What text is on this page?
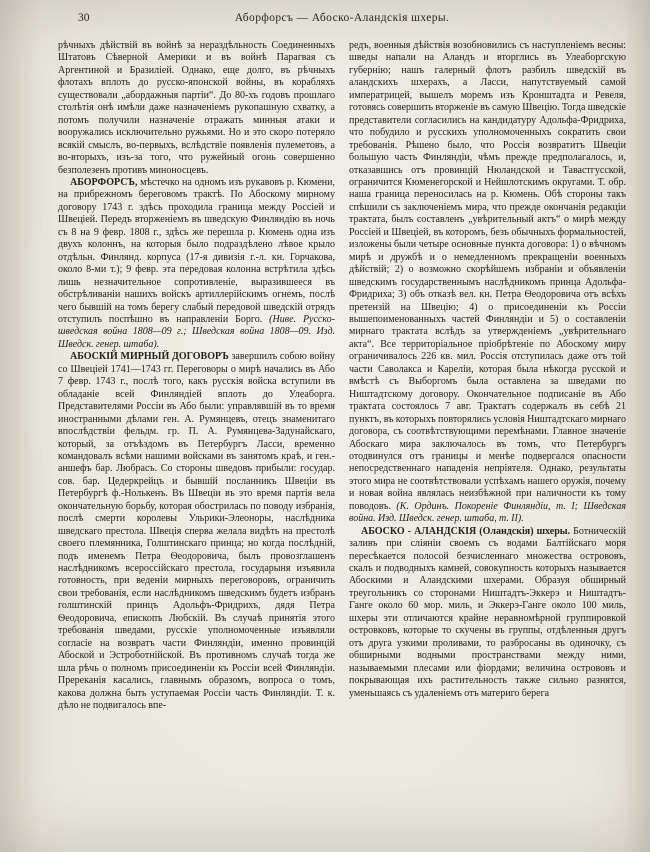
30	Аборфорсъ — Абоско-Аландскія шхеры.

рѣчныхъ дѣйствій въ войнѣ за нераздѣльность Соединенныхъ Штатовъ Сѣверной Америки и въ войнѣ Парагвая съ Аргентиной и Бразиліей. Однако, еще долго, въ рѣчныхъ флотахъ вплоть до русско-японской войны, въ корабляхъ существовали „абордажныя партіи“. До 80-хъ годовъ прошлаго столѣтія онѣ имѣли даже назначеніемъ рукопашную схватку, а потомъ получили назначеніе отражать минныя атаки и вооружались исключительно ружьями. Но и это скоро потеряло всякій смыслъ, во-первыхъ, вслѣдствіе появленія пулеметовъ, а во-вторыхъ, изъ-за того, что ружейный огонь совершенно безполезенъ противъ миноносцевъ.

АБОРФОРСЪ, мѣстечко на одномъ изъ рукавовъ р. Кюмени, на прибрежномъ береговомъ трактѣ. По Абоскому мирному договору 1743 г. здѣсь проходила граница между Россіей и Швеціей. Передъ вторженіемъ въ шведскую Финляндію въ ночь съ 8 на 9 февр. 1808 г., здѣсь же перешла р. Кюмень одна изъ двухъ колоннъ, на которыя было подраздѣлено лѣвое крыло отдѣльн. Финлянд. корпуса (17-я дивизія г.-л. кн. Горчакова, около 8-ми т.); 9 февр. эта передовая колонна встрѣтила здѣсь лишь незначительное сопротивленіе, выразившееся въ обстрѣливаніи нашихъ войскъ артиллерійскимъ огнемъ, послѣ чего бывшій на томъ берегу слабый передовой шведскій отрядъ отступилъ поспѣшно въ направленіи Борго. (Ниве. Русско-шведская война 1808—09 г.; Шведская война 1808—09. Изд. Шведск. генер. штаба).

АБОСКІЙ МИРНЫЙ ДОГОВОРЪ завершилъ собою войну со Швеціей 1741—1743 гг. Переговоры о мирѣ начались въ Або 7 февр. 1743 г., послѣ того, какъ русскія войска вступили въ обладаніе всей Финляндіей вплоть до Улеаборга. Представителями Россіи въ Або были: управлявшій въ то время иностранными дѣлами ген. А. Румянцевъ, отецъ знаменитаго впослѣдствіи фельдм. гр. П. А. Румянцева-Задунайскаго, который, за отъѣздомъ въ Петербургъ Ласси, временно командовалъ всѣми нашими войсками въ занятомъ краѣ, и ген.-аншефъ бар. Любрасъ. Со стороны шведовъ прибыли: государ. сов. бар. Цедеркрейцъ и бывшій посланникъ Швеціи въ Петербургѣ ф.-Нолькенъ. Въ Швеціи въ это время партія вела окончательную борьбу, которая обострилась по поводу избранія, послѣ смерти королевы Ульрики-Элеоноры, наслѣдника шведскаго престола. Швеція сперва желала видѣть на престолѣ своего племянника, Голштинскаго принца; но когда послѣдній, подъ именемъ Петра Ѳеодоровича, былъ провозглашенъ наслѣдникомъ всероссійскаго престола, государыня изъявила готовность, при веденіи мирныхъ переговоровъ, ограничить свои требованія, если наслѣдникомъ шведскимъ будетъ избранъ голштинскій принцъ Адольфъ-Фридрихъ, дядя Петра Ѳеодоровича, епископъ Любскій. Въ случаѣ принятія этого требованія шведами, русскіе уполномоченные изъявляли согласіе на возвратъ части Финляндіи, именно провинцій Абоской и Эстроботнійской. Въ противномъ случаѣ тогда же шла рѣчь о полномъ присоединеніи къ Россіи всей Финляндіи. Пререканія касались, главнымъ образомъ, вопроса о томъ, какова должна быть уступаемая Россіи часть Финляндіи. Т. к. дѣло не подвигалось впе-

редъ, военныя дѣйствія возобновились съ наступленіемъ весны: шведы напали на Аландъ и вторглись въ Улеаборгскую губернію; нашъ галерный флотъ разбилъ шведскій въ аландскихъ шхерахъ, а Ласси, напутствуемый самой императрицей, вышелъ моремъ изъ Кронштадта и Ревеля, готовясь совершить вторженіе въ самую Швецію. Тогда шведскіе представители согласились на кандидатуру Адольфа-Фридриха, что побудило и русскихъ уполномоченныхъ сократить свои требованія. Рѣшено было, что Россія возвратитъ Швеціи большую часть Финляндіи, чѣмъ прежде предполагалось, и, отказавшись отъ провинцій Нюландской и Тавастгусской, ограничится Кюменегорской и Нейшлотскимъ округами. Т. обр. наша граница переносилась на р. Кюмень. Обѣ стороны такъ спѣшили съ заключеніемъ мира, что прежде окончанія редакціи трактата, былъ составленъ „увѣрительный актъ“ о мирѣ между Россіей и Швеціей, въ которомъ, безъ обычныхъ формальностей, изложены были четыре основные пункта договора: 1) о вѣчномъ мирѣ и дружбѣ и о немедленномъ прекращеніи военныхъ дѣйствій; 2) о возможно скорѣйшемъ избраніи и объявленіи шведскимъ государственнымъ наслѣдникомъ принца Адольфа-Фридриха; 3) объ отказѣ вел. кн. Петра Ѳеодоровича отъ всѣхъ претензій на Швецію; 4) о присоединеніи къ Россіи вышепоименованныхъ частей Финляндіи и 5) о составленіи мирнаго трактата вслѣдъ за утвержденіемъ „увѣрительнаго акта“. Все территоріальное пріобрѣтеніе по Абоскому миру ограничивалось 226 кв. мил. Россія отступилась даже отъ той части Саволакса и Кареліи, которая была нѣкогда русской и вмѣстѣ съ Выборгомъ была оставлена за шведами по Ништадтскому договору. Окончательное подписаніе въ Або трактата состоялось 7 авг. Трактатъ содержалъ въ себѣ 21 пунктъ, въ которыхъ повторялись условія Ништадтскаго мирнаго договора, съ соотвѣтствующими перемѣнами. Главное значеніе Абоскаго мира заключалось въ томъ, что Петербургъ отодвинулся отъ границы и менѣе подвергался опасности непосредственнаго нападенія непріятеля. Однако, результаты этого мира не соотвѣтствовали успѣхамъ нашего оружія, почему и новая война являлась неизбѣжной при наличности къ тому поводовъ. (К. Ординъ. Покореніе Финляндіи, т. I; Шведская война. Изд. Шведск. генер. штаба, т. II).

АБОСКО - АЛАНДСКІЯ (Оландскія) шхеры. Ботническій заливъ при сліяніи своемъ съ водами Балтійскаго моря пересѣкается полосой безчисленнаго множества острововъ, скалъ и подводныхъ камней, совокупность которыхъ называется Абоскими и Аландскими шхерами. Образуя обширный треугольникъ со сторонами Ништадтъ-Эккерэ и Ништадтъ-Ганге около 60 мор. миль, и Эккерэ-Ганге около 100 миль, шхеры эти отличаются крайне неравномѣрной группировкой островковъ, которые то скучены въ группы, отдѣленныя другъ отъ друга узкими проливами, то разбросаны въ одиночку, съ обширными водными пространствами между ними, называемыми плесами или фіордами; величина острововъ и покрывающая ихъ растительность также сильно разнятся, уменьшаясь съ удаленіемъ отъ материго берега
